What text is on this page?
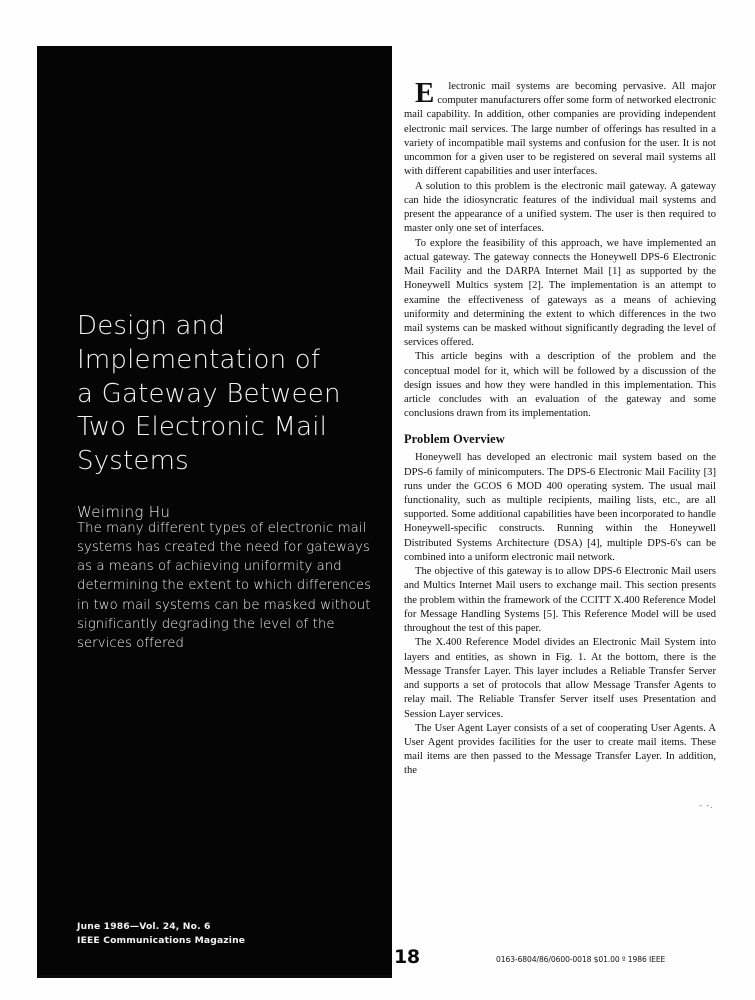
Design and
Implementation of
a Gateway Between
Two Electronic Mail
Systems
Weiming Hu

The many different types of electronic mail systems has created the need for gateways as a means of achieving uniformity and determining the extent to which differences in two mail systems can be masked without significantly degrading the level of the services offered

June 1986—Vol. 24, No. 6
IEEE Communications Magazine
18

E lectronic mail systems are becoming pervasive. All major computer manufacturers offer some form of networked electronic mail capability. In addition, other companies are providing independent electronic mail services. The large number of offerings has resulted in a variety of incompatible mail systems and confusion for the user. It is not uncommon for a given user to be registered on several mail systems all with different capabilities and user interfaces.

A solution to this problem is the electronic mail gateway. A gateway can hide the idiosyncratic features of the individual mail systems and present the appearance of a unified system. The user is then required to master only one set of interfaces.

To explore the feasibility of this approach, we have implemented an actual gateway. The gateway connects the Honeywell DPS-6 Electronic Mail Facility and the DARPA Internet Mail [1] as supported by the Honeywell Multics system [2]. The implementation is an attempt to examine the effectiveness of gateways as a means of achieving uniformity and determining the extent to which differences in the two mail systems can be masked without significantly degrading the level of services offered.

This article begins with a description of the problem and the conceptual model for it, which will be followed by a discussion of the design issues and how they were handled in this implementation. This article concludes with an evaluation of the gateway and some conclusions drawn from its implementation.

Problem Overview

Honeywell has developed an electronic mail system based on the DPS-6 family of minicomputers. The DPS-6 Electronic Mail Facility [3] runs under the GCOS 6 MOD 400 operating system. The usual mail functionality, such as multiple recipients, mailing lists, etc., are all supported. Some additional capabilities have been incorporated to handle Honeywell-specific constructs. Running within the Honeywell Distributed Systems Architecture (DSA) [4], multiple DPS-6's can be combined into a uniform electronic mail network.

The objective of this gateway is to allow DPS-6 Electronic Mail users and Multics Internet Mail users to exchange mail. This section presents the problem within the framework of the CCITT X.400 Reference Model for Message Handling Systems [5]. This Reference Model will be used throughout the test of this paper.

The X.400 Reference Model divides an Electronic Mail System into layers and entities, as shown in Fig. 1. At the bottom, there is the Message Transfer Layer. This layer includes a Reliable Transfer Server and supports a set of protocols that allow Message Transfer Agents to relay mail. The Reliable Transfer Server itself uses Presentation and Session Layer services.

The User Agent Layer consists of a set of cooperating User Agents. A User Agent provides facilities for the user to create mail items. These mail items are then passed to the Message Transfer Layer. In addition, the

- -.
0163-6804/86/0600-0018 $01.00 º 1986 IEEE
